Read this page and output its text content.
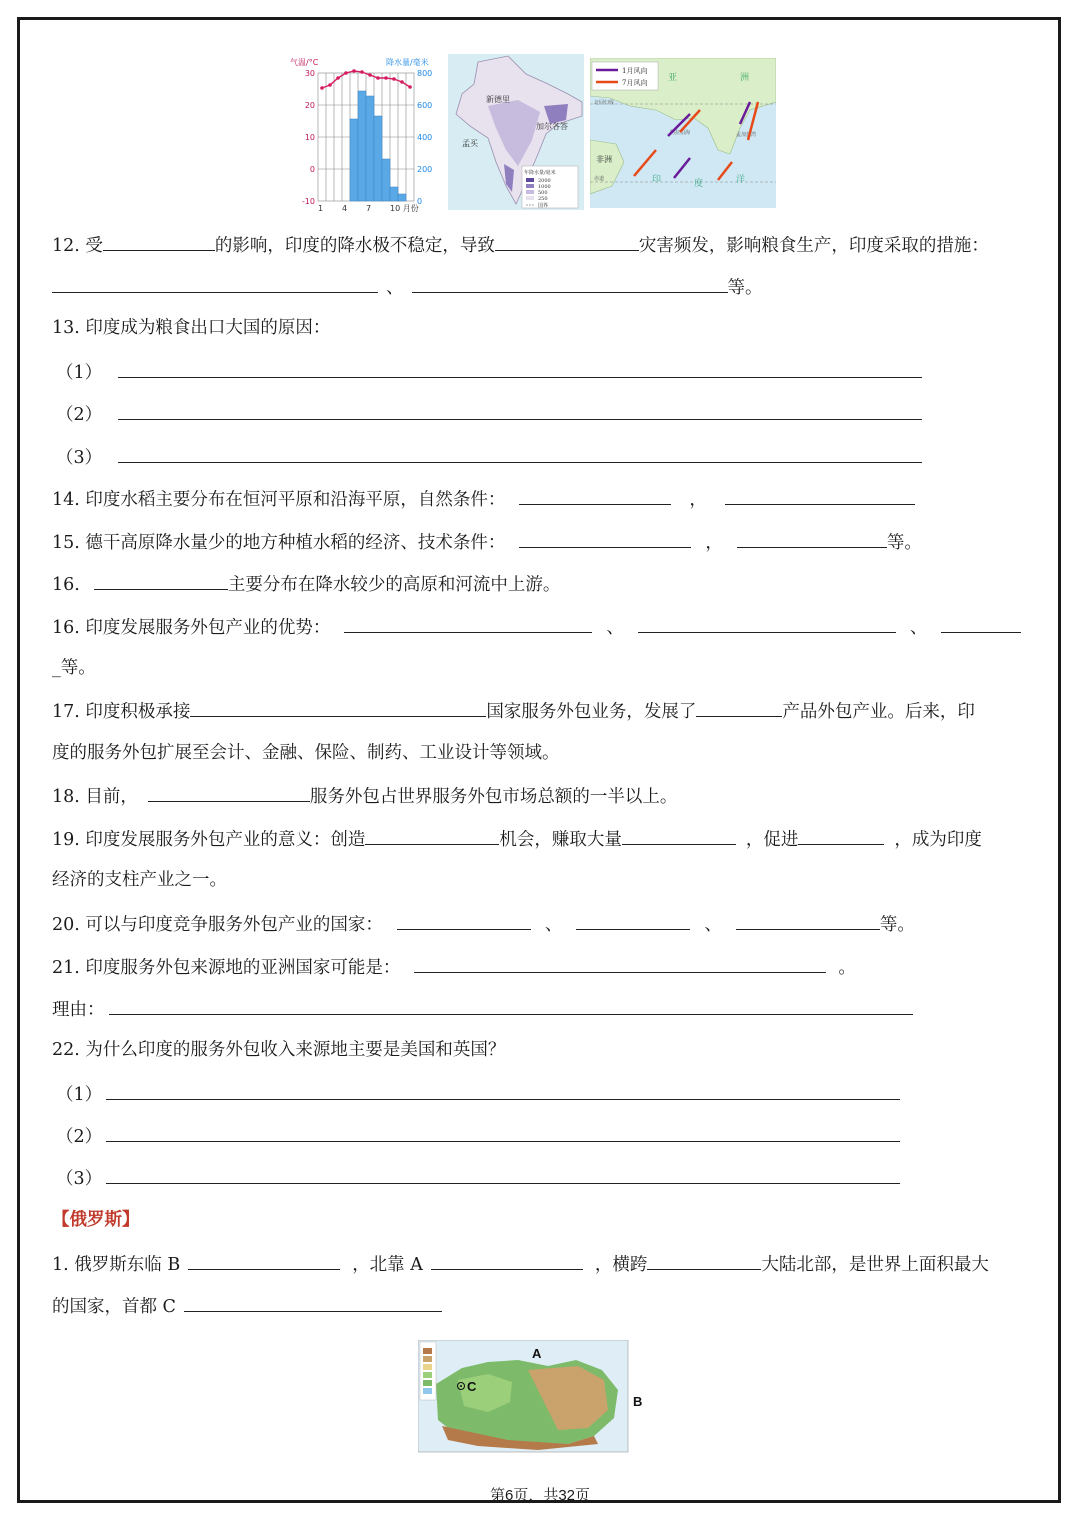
气温/°C	降水量/毫米
30
20
10
0
-10
800
600
400
200
0
1 4 7 10 月份
新德里
孟买
加尔各答
年降水量/毫米
2000
1000
500
250
国界
1月风向
7月风向 亚	洲
北回归线
赤道
非洲
印	度	洋
阿拉伯海	孟加拉湾
12. 受	的影响，印度的降水极不稳定，导致	灾害频发，影响粮食生产，印度采取的措施：
、	等。
13. 印度成为粮食出口大国的原因：
（1）
（2）
（3）
14. 印度水稻主要分布在恒河平原和沿海平原，自然条件：	，
15. 德干高原降水量少的地方种植水稻的经济、技术条件：	，	等。
16.	主要分布在降水较少的高原和河流中上游。
16. 印度发展服务外包产业的优势：	、	、
_等。
17. 印度积极承接	国家服务外包业务，发展了	产品外包产业。后来，印
度的服务外包扩展至会计、金融、保险、制药、工业设计等领域。
18. 目前，	服务外包占世界服务外包市场总额的一半以上。
19. 印度发展服务外包产业的意义：创造	机会，赚取大量	，促进	，成为印度
经济的支柱产业之一。
20. 可以与印度竞争服务外包产业的国家：	、	、	等。
21. 印度服务外包来源地的亚洲国家可能是：	。
理由：
22. 为什么印度的服务外包收入来源地主要是美国和英国？
（1）
（2）
（3）
【俄罗斯】
1. 俄罗斯东临 B	，北靠 A	，横跨	大陆北部，是世界上面积最大
的国家，首都 C
A
C
B
第6页，共32页
